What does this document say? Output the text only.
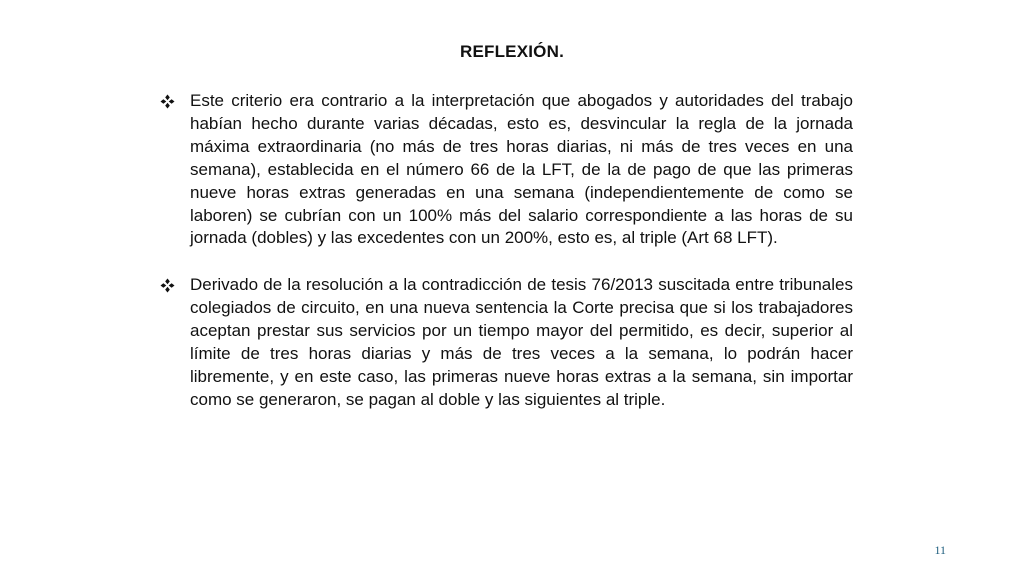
REFLEXIÓN.
Este criterio era contrario a la interpretación que abogados y autoridades del trabajo habían hecho durante varias décadas, esto es, desvincular la regla de la jornada máxima extraordinaria (no más de tres horas diarias, ni más de tres veces en una semana), establecida en el número 66 de la LFT, de la de pago de que las primeras nueve horas extras generadas en una semana (independientemente de como se laboren) se cubrían con un 100% más del salario correspondiente a las horas de su jornada (dobles) y las excedentes con un 200%, esto es, al triple (Art 68 LFT).
Derivado de la resolución a la contradicción de tesis 76/2013 suscitada entre tribunales colegiados de circuito, en una nueva sentencia la Corte precisa que si los trabajadores aceptan prestar sus servicios por un tiempo mayor del permitido, es decir, superior al límite de tres horas diarias y más de tres veces a la semana, lo podrán hacer libremente, y en este caso, las primeras nueve horas extras a la semana, sin importar como se generaron, se pagan al doble y las siguientes al triple.
11
